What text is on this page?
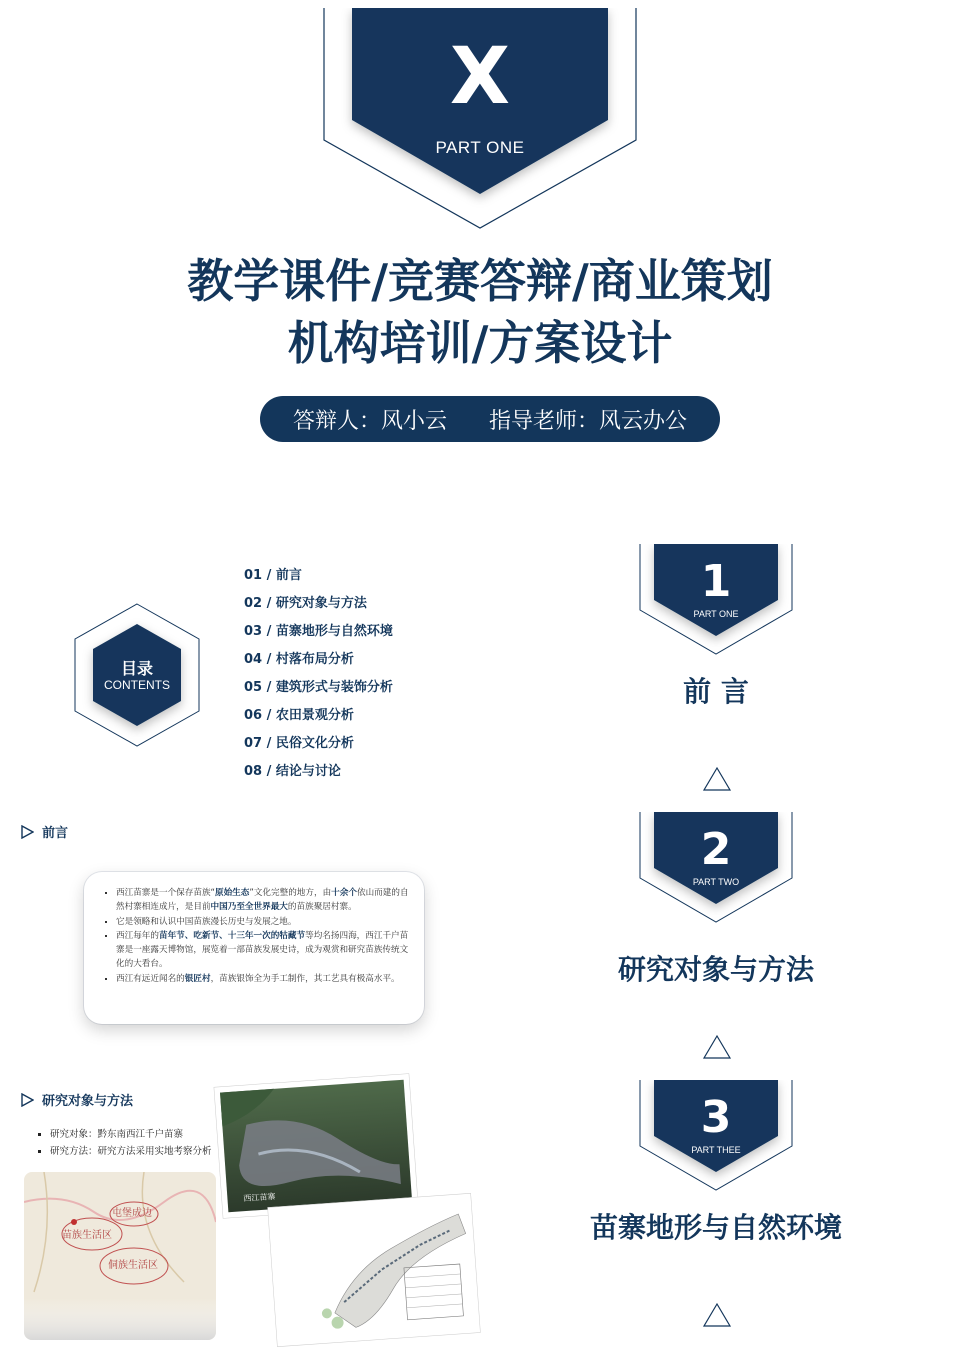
X
PART ONE
教学课件/竞赛答辩/商业策划
机构培训/方案设计
答辩人：风小云 指导老师：风云办公
目录
CONTENTS
01 / 前言
02 / 研究对象与方法
03 / 苗寨地形与自然环境
04 / 村落布局分析
05 / 建筑形式与装饰分析
06 / 农田景观分析
07 / 民俗文化分析
08 / 结论与讨论
1
PART ONE
前 言
2
PART TWO
研究对象与方法
3
PART THEE
苗寨地形与自然环境
前言
▪ 西江苗寨是一个保存苗族“原始生态”文化完整的地方，由十余个依山而建的自然村寨相连成片，是目前中国乃至全世界最大的苗族聚居村寨。
▪ 它是领略和认识中国苗族漫长历史与发展之地。
▪ 西江每年的苗年节、吃新节、十三年一次的牯藏节等均名扬四海，西江千户苗寨是一座露天博物馆，展览着一部苗族发展史诗，成为观赏和研究苗族传统文化的大看台。
▪ 西江有远近闻名的银匠村，苗族银饰全为手工制作，其工艺具有极高水平。
研究对象与方法
▪ 研究对象：黔东南西江千户苗寨
▪ 研究方法：研究方法采用实地考察分析
西江苗寨
